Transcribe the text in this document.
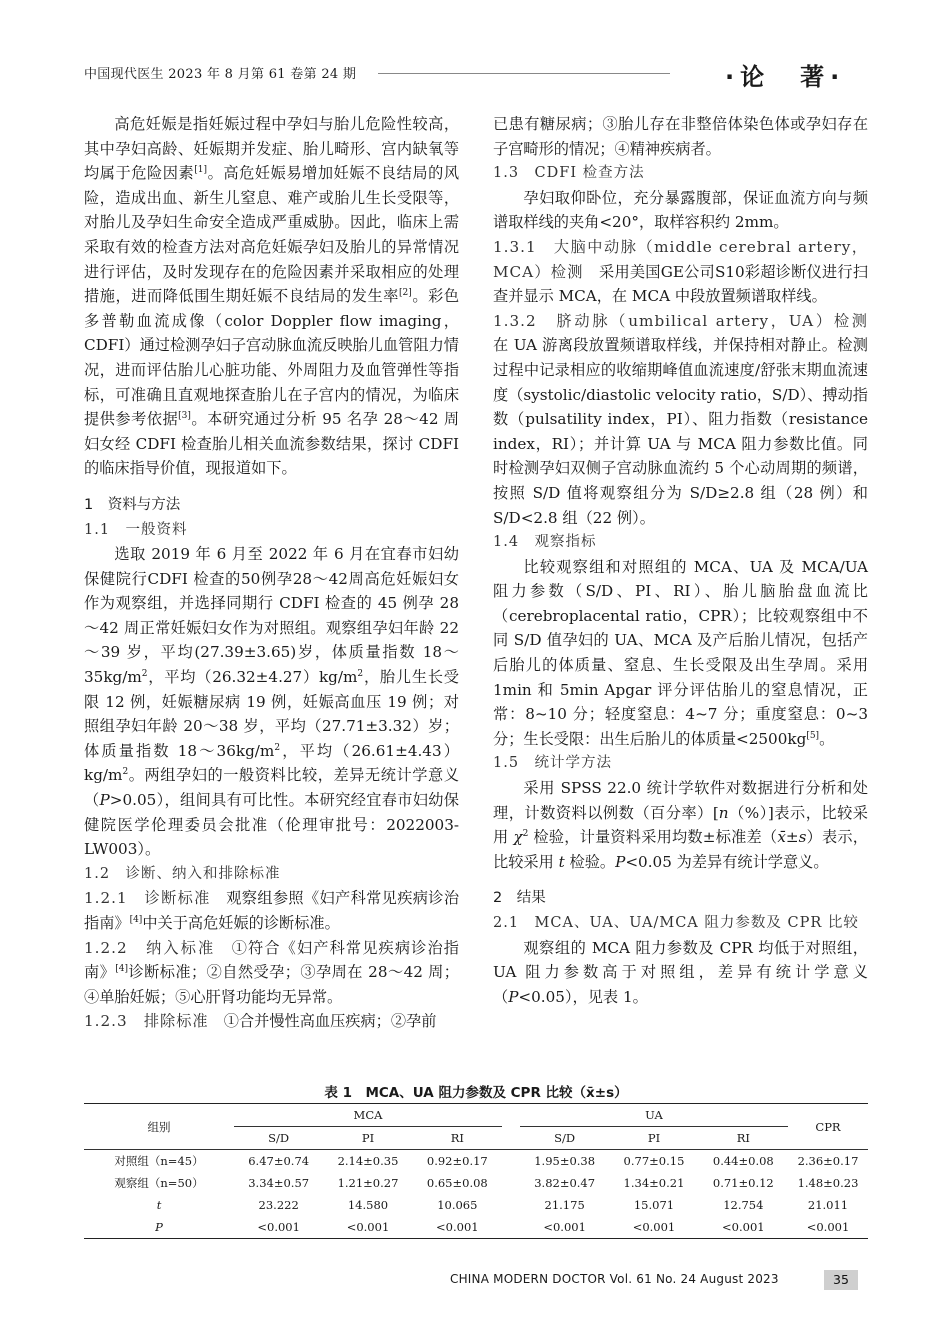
中国现代医生 2023 年 8 月第 61 卷第 24 期	·论　著·

高危妊娠是指妊娠过程中孕妇与胎儿危险性较高，其中孕妇高龄、妊娠期并发症、胎儿畸形、宫内缺氧等均属于危险因素[1]。高危妊娠易增加妊娠不良结局的风险，造成出血、新生儿窒息、难产或胎儿生长受限等，对胎儿及孕妇生命安全造成严重威胁。因此，临床上需采取有效的检查方法对高危妊娠孕妇及胎儿的异常情况进行评估，及时发现存在的危险因素并采取相应的处理措施，进而降低围生期妊娠不良结局的发生率[2]。彩色多普勒血流成像（color Doppler flow imaging，CDFI）通过检测孕妇子宫动脉血流反映胎儿血管阻力情况，进而评估胎儿心脏功能、外周阻力及血管弹性等指标，可准确且直观地探查胎儿在子宫内的情况，为临床提供参考依据[3]。本研究通过分析 95 名孕 28～42 周妇女经 CDFI 检查胎儿相关血流参数结果，探讨 CDFI 的临床指导价值，现报道如下。

1　资料与方法

1.1　一般资料

选取 2019 年 6 月至 2022 年 6 月在宜春市妇幼保健院行CDFI 检查的50例孕28～42周高危妊娠妇女作为观察组，并选择同期行 CDFI 检查的 45 例孕 28～42 周正常妊娠妇女作为对照组。观察组孕妇年龄 22～39 岁，平均(27.39±3.65)岁，体质量指数 $18\sim 35kg/m^2$，平均$(26.32\pm 4.27)kg/m^2$，胎儿生长受限 12 例，妊娠糖尿病 19 例，妊娠高血压 19 例；对照组孕妇年龄 20～38 岁，平均（27.71±3.32）岁；体质量指数 $18\sim 36kg/m^2$，平均$(26.61\pm 4.43)kg/m^2$。两组孕妇的一般资料比较，差异无统计学意义（P>0.05），组间具有可比性。本研究经宜春市妇幼保健院医学伦理委员会批准（伦理审批号：2022003-LW003）。

1.2　诊断、纳入和排除标准

1.2.1　诊断标准　 观察组参照《妇产科常见疾病诊治指南》[4]中关于高危妊娠的诊断标准。

1.2.2　纳入标准　 ①符合《妇产科常见疾病诊治指南》[4]诊断标准；②自然受孕；③孕周在 28～42 周；④单胎妊娠；⑤心肝肾功能均无异常。

1.2.3　排除标准　 ①合并慢性高血压疾病；②孕前

已患有糖尿病；③胎儿存在非整倍体染色体或孕妇存在子宫畸形的情况；④精神疾病者。

1.3　CDFI 检查方法

孕妇取仰卧位，充分暴露腹部，保证血流方向与频谱取样线的夹角<20°，取样容积约 2mm。

1.3.1　大脑中动脉（middle cerebral artery，MCA）检测　 采用美国GE公司S10彩超诊断仪进行扫查并显示 MCA，在 MCA 中段放置频谱取样线。

1.3.2　脐动脉（umbilical artery，UA）检测　在 UA 游离段放置频谱取样线，并保持相对静止。检测过程中记录相应的收缩期峰值血流速度/舒张末期血流速度（systolic/diastolic velocity ratio，S/D）、搏动指数（pulsatility index，PI）、阻力指数（resistance index，RI）；并计算 UA 与 MCA 阻力参数比值。同时检测孕妇双侧子宫动脉血流约 5 个心动周期的频谱，按照 S/D 值将观察组分为 S/D≥2.8 组（28 例）和 S/D<2.8 组（22 例）。

1.4　观察指标

比较观察组和对照组的 MCA、UA 及 MCA/UA 阻力参数（S/D、PI、RI）、胎儿脑胎盘血流比（cerebroplacental ratio，CPR）；比较观察组中不同 S/D 值孕妇的 UA、MCA 及产后胎儿情况，包括产后胎儿的体质量、窒息、生长受限及出生孕周。采用 1min 和 5min Apgar 评分评估胎儿的窒息情况，正常：8~10 分；轻度窒息：4~7 分；重度窒息：0~3 分；生长受限：出生后胎儿的体质量<2500kg[5]。

1.5　统计学方法

采用 SPSS 22.0 统计学软件对数据进行分析和处理，计数资料以例数（百分率）[n（%）]表示，比较采用 $\chi^2$ 检验，计量资料采用均数±标准差（x̄±s）表示，比较采用 t 检验。P<0.05 为差异有统计学意义。

2　结果

2.1　MCA、UA、UA/MCA 阻力参数及 CPR 比较

观察组的 MCA 阻力参数及 CPR 均低于对照组，UA 阻力参数高于对照组，差异有统计学意义（P<0.05），见表 1。

表 1　MCA、UA 阻力参数及 CPR 比较（x̄±s）
组别	MCA				UA			CPR
	S/D	PI	RI		S/D	PI	RI	
对照组（n=45）	6.47±0.74	2.14±0.35	0.92±0.17		1.95±0.38	0.77±0.15	0.44±0.08	2.36±0.17
观察组（n=50）	3.34±0.57	1.21±0.27	0.65±0.08		3.82±0.47	1.34±0.21	0.71±0.12	1.48±0.23
t	23.222	14.580	10.065		21.175	15.071	12.754	21.011
P	<0.001	<0.001	<0.001		<0.001	<0.001	<0.001	<0.001
CHINA MODERN DOCTOR Vol. 61 No. 24 August 2023	35
